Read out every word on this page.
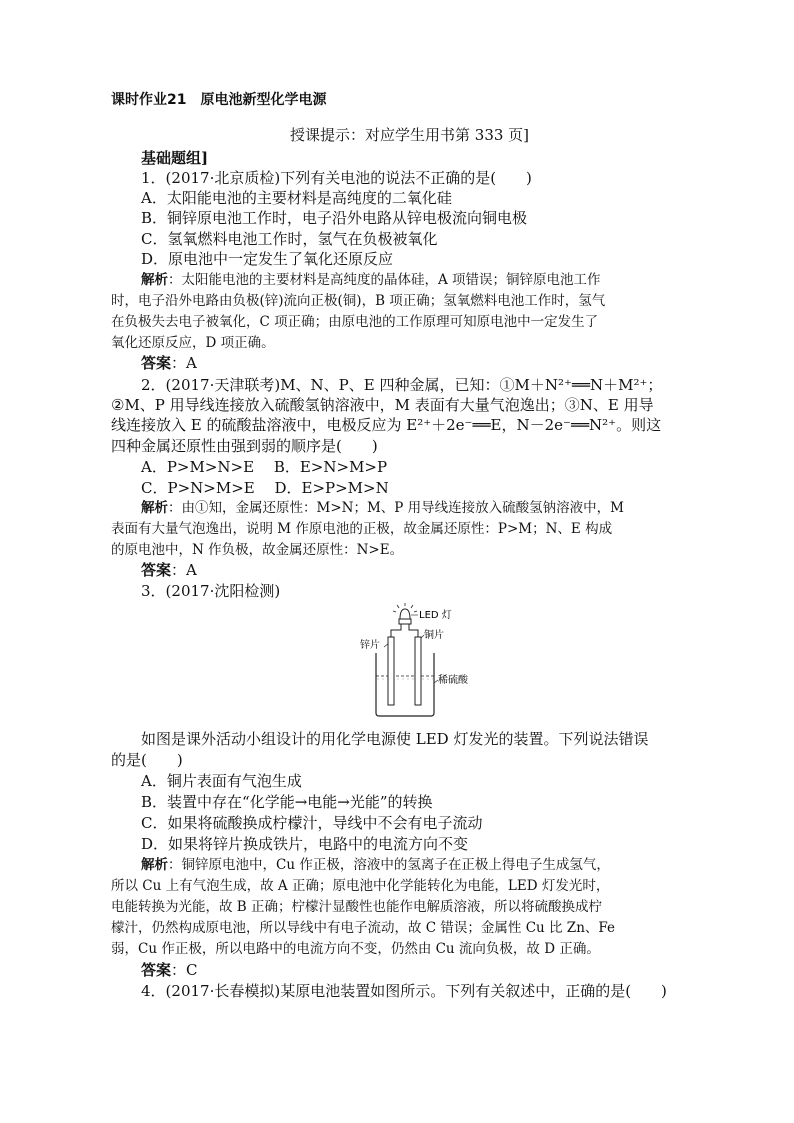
课时作业21　原电池新型化学电源
授课提示：对应学生用书第 333 页]
基础题组]
1．(2017·北京质检)下列有关电池的说法不正确的是(　　)
A．太阳能电池的主要材料是高纯度的二氧化硅
B．铜锌原电池工作时，电子沿外电路从锌电极流向铜电极
C．氢氧燃料电池工作时，氢气在负极被氧化
D．原电池中一定发生了氧化还原反应
解析：太阳能电池的主要材料是高纯度的晶体硅，A 项错误；铜锌原电池工作
时，电子沿外电路由负极(锌)流向正极(铜)，B 项正确；氢氧燃料电池工作时，氢气
在负极失去电子被氧化，C 项正确；由原电池的工作原理可知原电池中一定发生了
氧化还原反应，D 项正确。
答案：A
2．(2017·天津联考)M、N、P、E 四种金属，已知：①M＋N²⁺══N＋M²⁺；
②M、P 用导线连接放入硫酸氢钠溶液中，M 表面有大量气泡逸出；③N、E 用导
线连接放入 E 的硫酸盐溶液中，电极反应为 E²⁺＋2e⁻══E，N－2e⁻══N²⁺。则这
四种金属还原性由强到弱的顺序是(　　)
A．P>M>N>E　 B．E>N>M>P
C．P>N>M>E　 D．E>P>M>N
解析：由①知，金属还原性：M>N；M、P 用导线连接放入硫酸氢钠溶液中，M
表面有大量气泡逸出，说明 M 作原电池的正极，故金属还原性：P>M；N、E 构成
的原电池中，N 作负极，故金属还原性：N>E。
答案：A
3．(2017·沈阳检测)
LED 灯
铜片
锌片
稀硫酸
如图是课外活动小组设计的用化学电源使 LED 灯发光的装置。下列说法错误
的是(　　)
A．铜片表面有气泡生成
B．装置中存在“化学能→电能→光能”的转换
C．如果将硫酸换成柠檬汁，导线中不会有电子流动
D．如果将锌片换成铁片，电路中的电流方向不变
解析：铜锌原电池中，Cu 作正极，溶液中的氢离子在正极上得电子生成氢气，
所以 Cu 上有气泡生成，故 A 正确；原电池中化学能转化为电能，LED 灯发光时，
电能转换为光能，故 B 正确；柠檬汁显酸性也能作电解质溶液，所以将硫酸换成柠
檬汁，仍然构成原电池，所以导线中有电子流动，故 C 错误；金属性 Cu 比 Zn、Fe
弱，Cu 作正极，所以电路中的电流方向不变，仍然由 Cu 流向负极，故 D 正确。
答案：C
4．(2017·长春模拟)某原电池装置如图所示。下列有关叙述中，正确的是(　　)
